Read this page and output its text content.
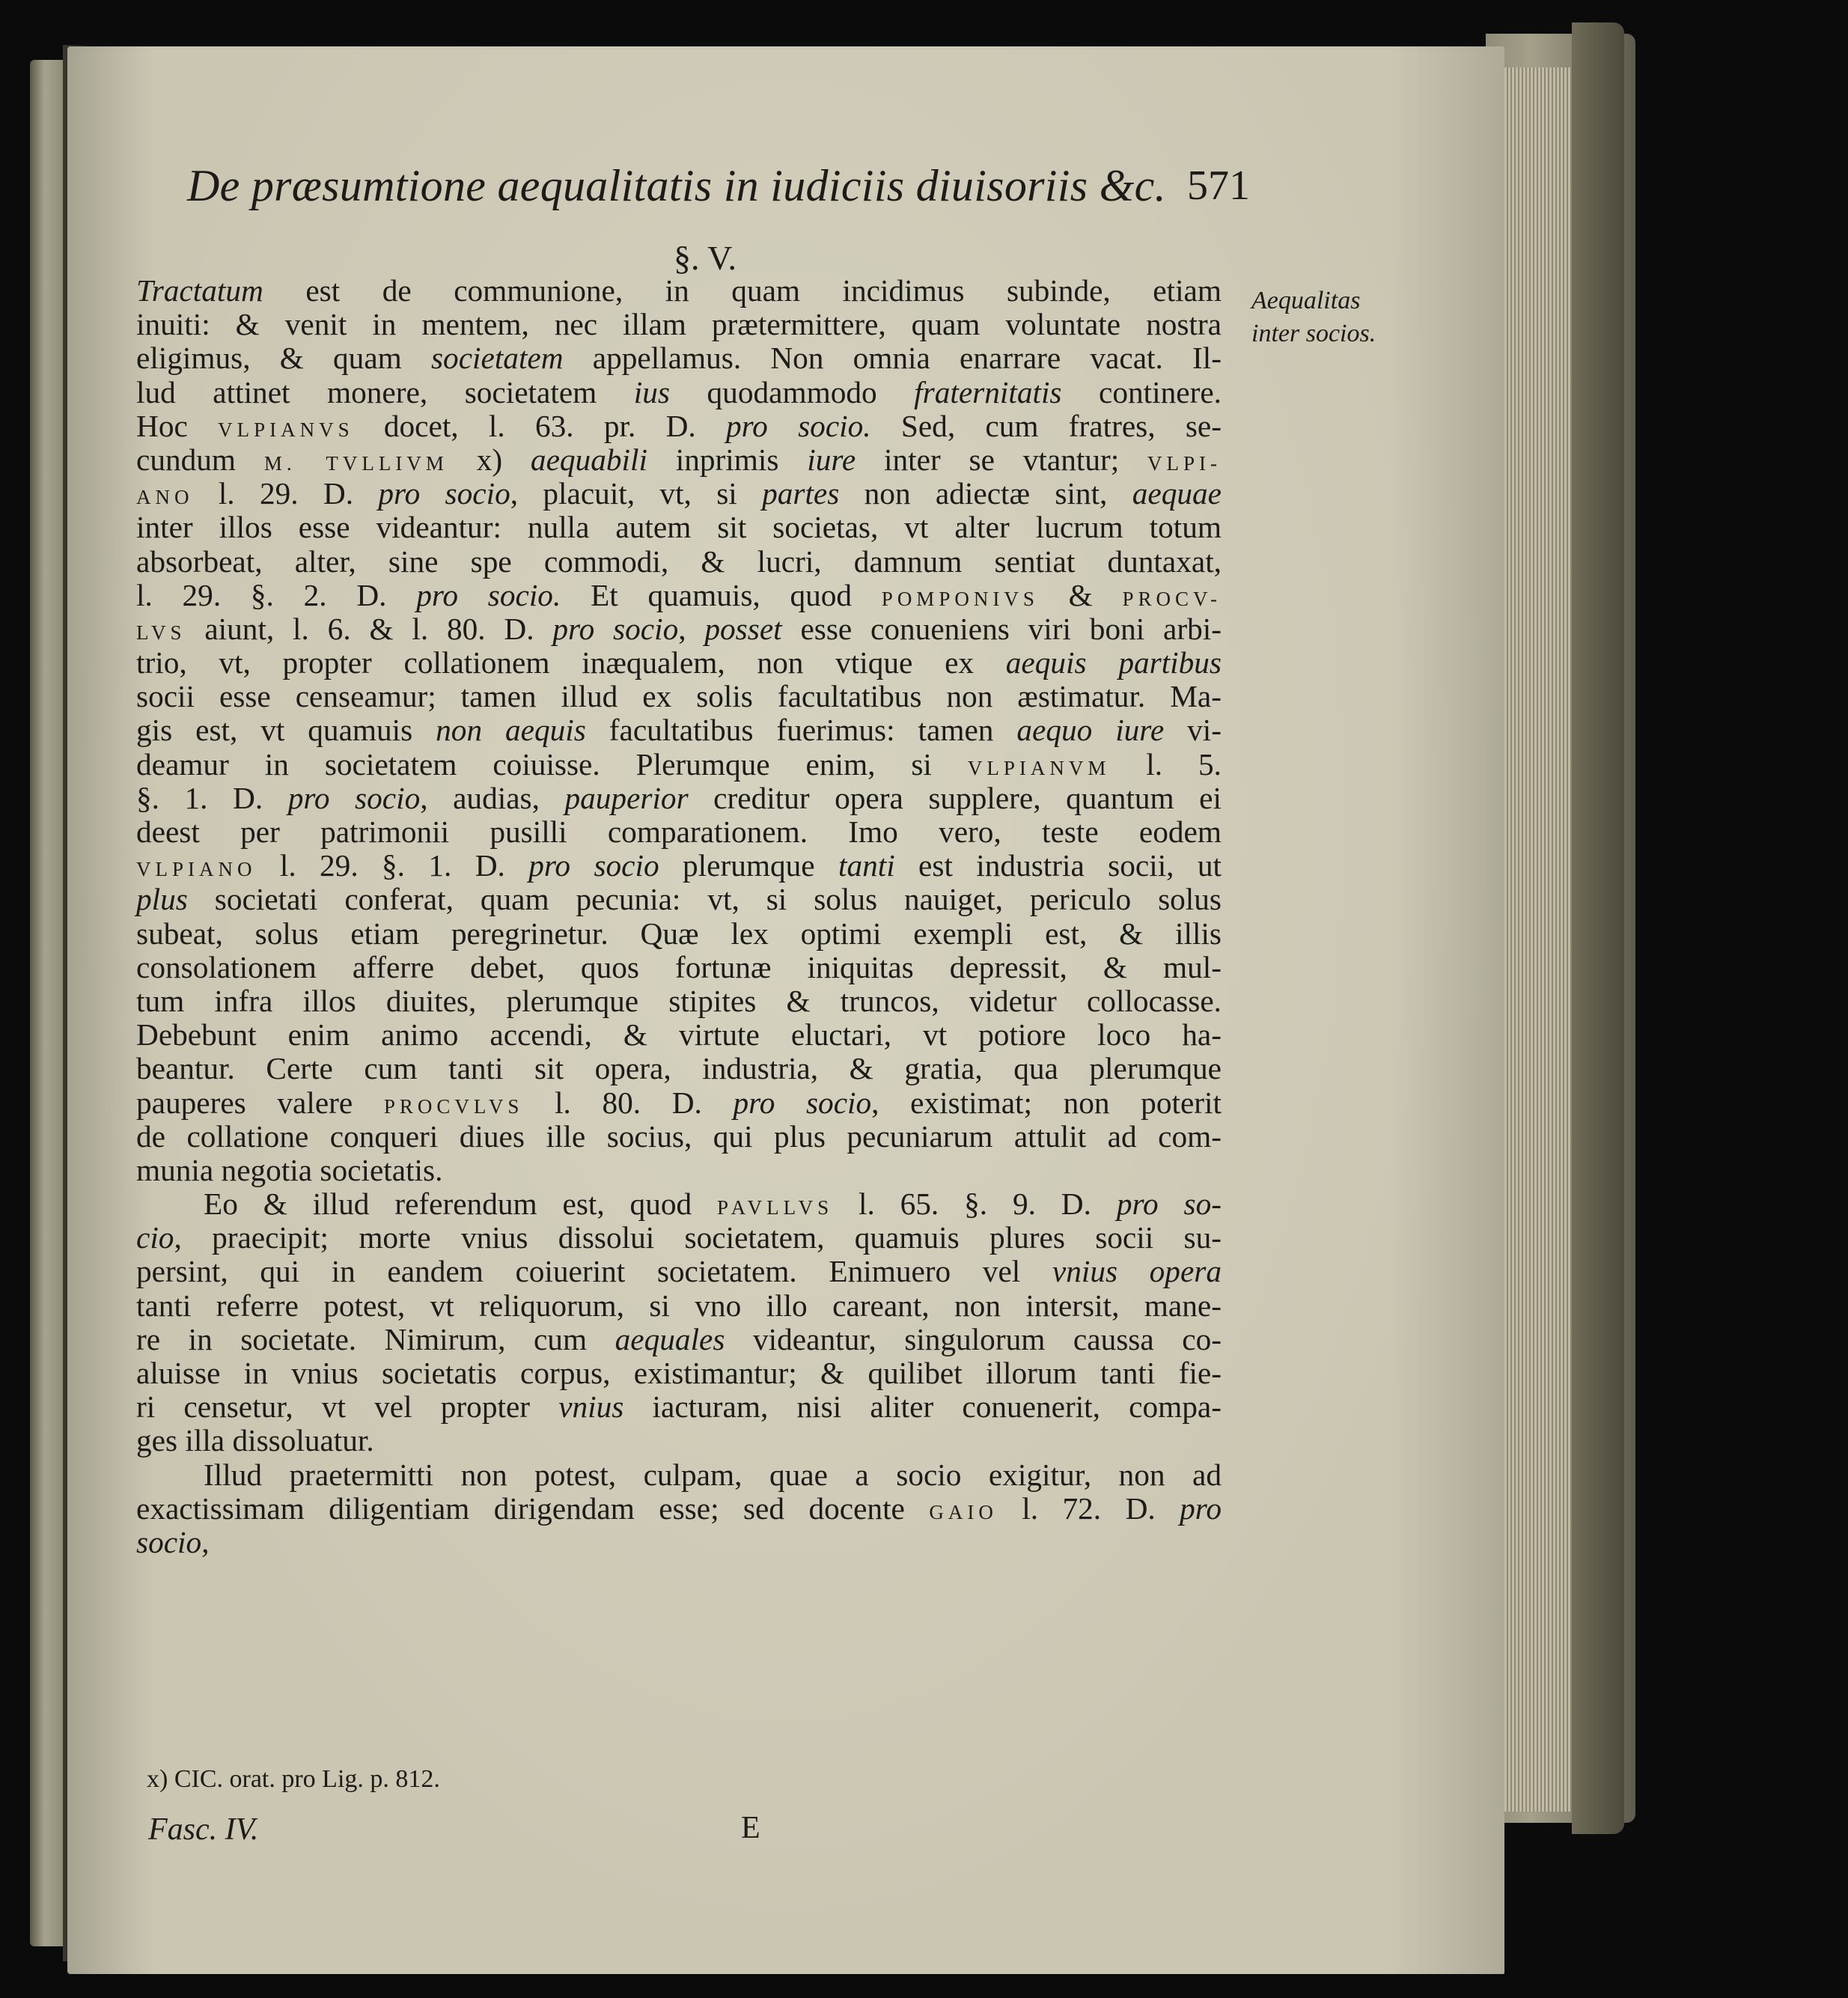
De præsumtione aequalitatis in iudiciis diuisoriis &c. 571
§. V.
Aequalitas
inter socios.
Tractatum est de communione, in quam incidimus subinde, etiam
inuiti: & venit in mentem, nec illam prætermittere, quam voluntate nostra
eligimus, & quam societatem appellamus. Non omnia enarrare vacat. Il-
lud attinet monere, societatem ius quodammodo fraternitatis continere.
Hoc VLPIANVS docet, l. 63. pr. D. pro socio. Sed, cum fratres, se-
cundum M. TVLLIVM x) aequabili inprimis iure inter se vtantur; VLPI-
ANO l. 29. D. pro socio, placuit, vt, si partes non adiectæ sint, aequae
inter illos esse videantur: nulla autem sit societas, vt alter lucrum totum
absorbeat, alter, sine spe commodi, & lucri, damnum sentiat duntaxat,
l. 29. §. 2. D. pro socio. Et quamuis, quod POMPONIVS & PROCV-
LVS aiunt, l. 6. & l. 80. D. pro socio, posset esse conueniens viri boni arbi-
trio, vt, propter collationem inæqualem, non vtique ex aequis partibus
socii esse censeamur; tamen illud ex solis facultatibus non æstimatur. Ma-
gis est, vt quamuis non aequis facultatibus fuerimus: tamen aequo iure vi-
deamur in societatem coiuisse. Plerumque enim, si VLPIANVM l. 5.
§. 1. D. pro socio, audias, pauperior creditur opera supplere, quantum ei
deest per patrimonii pusilli comparationem. Imo vero, teste eodem
VLPIANO l. 29. §. 1. D. pro socio plerumque tanti est industria socii, ut
plus societati conferat, quam pecunia: vt, si solus nauiget, periculo solus
subeat, solus etiam peregrinetur. Quæ lex optimi exempli est, & illis
consolationem afferre debet, quos fortunæ iniquitas depressit, & mul-
tum infra illos diuites, plerumque stipites & truncos, videtur collocasse.
Debebunt enim animo accendi, & virtute eluctari, vt potiore loco ha-
beantur. Certe cum tanti sit opera, industria, & gratia, qua plerumque
pauperes valere PROCVLVS l. 80. D. pro socio, existimat; non poterit
de collatione conqueri diues ille socius, qui plus pecuniarum attulit ad com-
munia negotia societatis.
Eo & illud referendum est, quod PAVLLVS l. 65. §. 9. D. pro so-
cio, praecipit; morte vnius dissolui societatem, quamuis plures socii su-
persint, qui in eandem coiuerint societatem. Enimuero vel vnius opera
tanti referre potest, vt reliquorum, si vno illo careant, non intersit, mane-
re in societate. Nimirum, cum aequales videantur, singulorum caussa co-
aluisse in vnius societatis corpus, existimantur; & quilibet illorum tanti fie-
ri censetur, vt vel propter vnius iacturam, nisi aliter conuenerit, compa-
ges illa dissoluatur.
Illud praetermitti non potest, culpam, quae a socio exigitur, non ad
exactissimam diligentiam dirigendam esse; sed docente GAIO l. 72. D. pro
socio,
x) CIC. orat. pro Lig. p. 812.
Fasc. IV.	E
